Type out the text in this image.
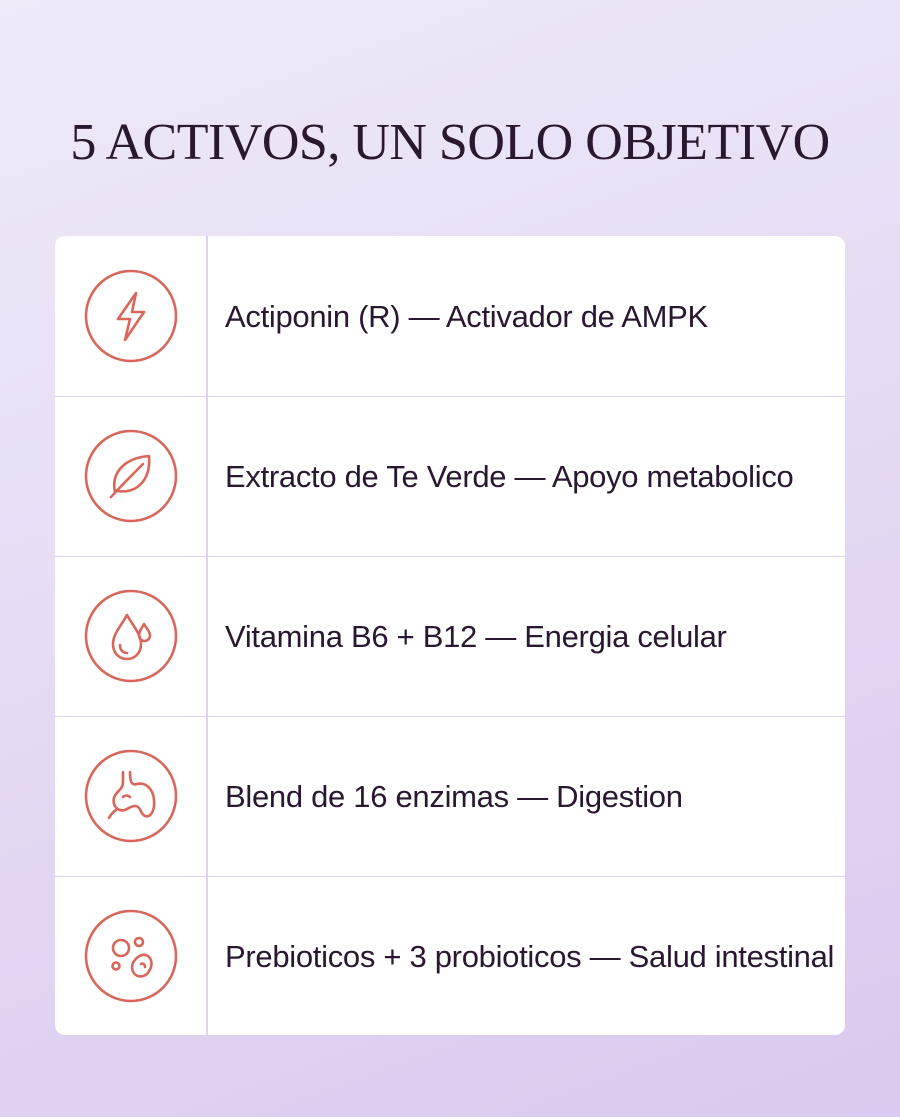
5 ACTIVOS, UN SOLO OBJETIVO
Actiponin (R) — Activador de AMPK
Extracto de Te Verde — Apoyo metabolico
Vitamina B6 + B12 — Energia celular
Blend de 16 enzimas — Digestion
Prebioticos + 3 probioticos — Salud intestinal
